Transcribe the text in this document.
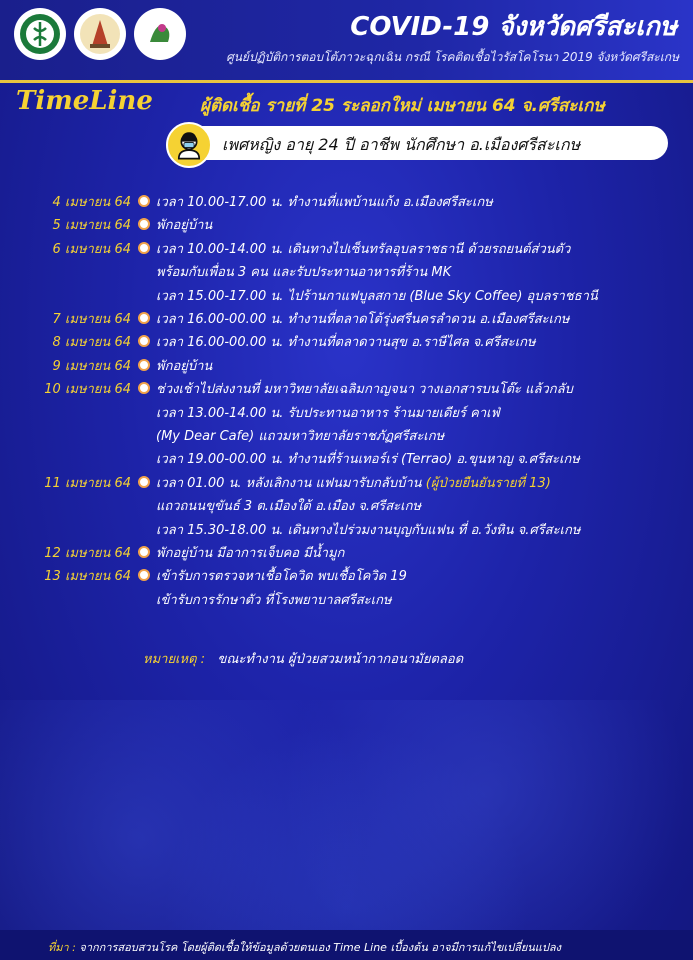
COVID-19 จังหวัดศรีสะเกษ
ศูนย์ปฏิบัติการตอบโต้ภาวะฉุกเฉิน กรณี โรคติดเชื้อไวรัสโคโรนา 2019 จังหวัดศรีสะเกษ
TimeLine	ผู้ติดเชื้อ รายที่ 25 ระลอกใหม่ เมษายน 64 จ.ศรีสะเกษ
เพศหญิง อายุ 24 ปี อาชีพ นักศึกษา อ.เมืองศรีสะเกษ
4 เมษายน 64 เวลา 10.00-17.00 น. ทำงานที่แพบ้านแก้ง อ.เมืองศรีสะเกษ
5 เมษายน 64 พักอยู่บ้าน
6 เมษายน 64 เวลา 10.00-14.00 น. เดินทางไปเซ็นทรัลอุบลราชธานี ด้วยรถยนต์ส่วนตัว
พร้อมกับเพื่อน 3 คน และรับประทานอาหารที่ร้าน MK
เวลา 15.00-17.00 น. ไปร้านกาแฟบูลสกาย (Blue Sky Coffee) อุบลราชธานี
7 เมษายน 64 เวลา 16.00-00.00 น. ทำงานที่ตลาดโต้รุ่งศรีนครลำดวน อ.เมืองศรีสะเกษ
8 เมษายน 64 เวลา 16.00-00.00 น. ทำงานที่ตลาดวานสุข อ.ราษีไศล จ.ศรีสะเกษ
9 เมษายน 64 พักอยู่บ้าน
10 เมษายน 64 ช่วงเช้าไปส่งงานที่ มหาวิทยาลัยเฉลิมกาญจนา วางเอกสารบนโต๊ะ แล้วกลับ
เวลา 13.00-14.00 น. รับประทานอาหาร ร้านมายเดียร์ คาเฟ่
(My Dear Cafe) แถวมหาวิทยาลัยราชภัฏศรีสะเกษ
เวลา 19.00-00.00 น. ทำงานที่ร้านเทอร์เร่ (Terrao) อ.ขุนหาญ จ.ศรีสะเกษ
11 เมษายน 64 เวลา 01.00 น. หลังเลิกงาน แฟนมารับกลับบ้าน (ผู้ป่วยยืนยันรายที่ 13)
แถวถนนขุขันธ์ 3 ต.เมืองใต้ อ.เมือง จ.ศรีสะเกษ
เวลา 15.30-18.00 น. เดินทางไปร่วมงานบุญกับแฟน ที่ อ.วังหิน จ.ศรีสะเกษ
12 เมษายน 64 พักอยู่บ้าน มีอาการเจ็บคอ มีน้ำมูก
13 เมษายน 64 เข้ารับการตรวจหาเชื้อโควิด พบเชื้อโควิด 19
เข้ารับการรักษาตัว ที่โรงพยาบาลศรีสะเกษ
หมายเหตุ : ขณะทำงาน ผู้ป่วยสวมหน้ากากอนามัยตลอด
ที่มา : จากการสอบสวนโรค โดยผู้ติดเชื้อให้ข้อมูลด้วยตนเอง Time Line เบื้องต้น อาจมีการแก้ไขเปลี่ยนแปลง
